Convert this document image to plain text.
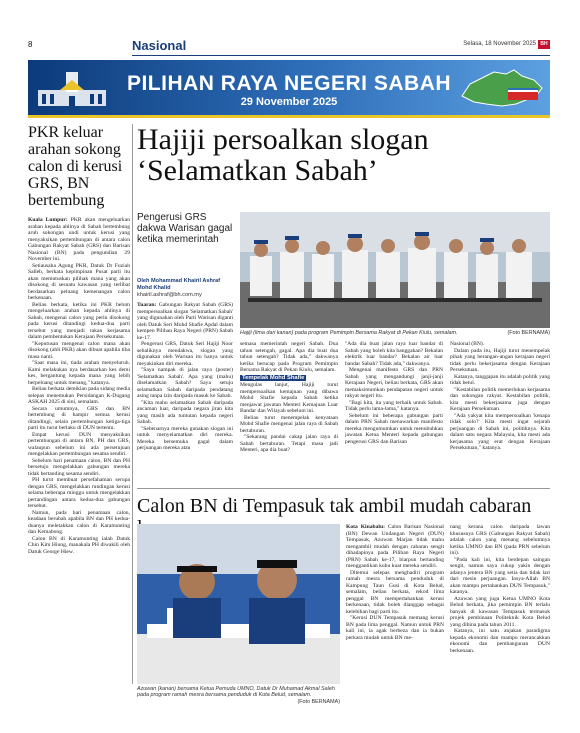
8	Nasional	Selasa, 18 November 2025 BH
PILIHAN RAYA NEGERI SABAH
29 November 2025
PKR keluar arahan sokong calon di kerusi GRS, BN bertembung

Kuala Lumpur: PKR akan mengeluarkan arahan kepada ahlinya di Sabah bertembung aruh sokongan undi untuk kerusi yang menyaksikan pertembungan di antara calon Gabungan Rakyat Sabah (GRS) dan Barisan Nasional (BN) pada pengundian 29 November ini.

Setiausaha Agung PKR, Datuk Dr Fuziah Salleh, berkata kepimpinan Pusat parti itu akan memutuskan pilihak mana yang akan disokong di sesuatu kawasan yang terlibat berdasarkan peluang kemenangan calon berkenaan.

Beliau berkata, ketika ini PKR belum mengeluarkan arahan kepada ahlinya di Sabah, mengenai calon yang perlu disokong pada kerusi ditandingi kedua-dua parti tersebut yang menjadi rakan kerjasama dalam pembentukan Kerajaan Persekutuan.

"Keputusan mengenai calon mana akan disokong (ahli PKR) akan dibuat apabila tiba masa nanti.

"Saat masa ini, tiada arahan menyeluruh. Kami melakukan nya berdasarkan kes demi kes, bergantung kepada mana yang lebih berpeluang untuk menang," katanya.

Beliau berkata demikian pada sidang media selepas menemukan Persidangan K-Dugang ASKAH 2025 di sini, semalam.

Secara umumnya, GRS dan BN bertembung di hampir semua kerusi ditandingi, selain pertembungan ketiga-tiga parti itu turut berlaku di DUN tertentu.

Empat kerusi DUN menyaksikan pertembungan di antara BN, PH dan GRS, walaupun sebelum ini ada persetujuan mengelakkan pertembungan sesama sendiri.

Sebelum hari penamaan calon, BN dan PH bersetuju mengelakkan gabungan mereka tidak bertanding sesama sendiri.

PH turut membuat persefahaman serupa dengan GRS, mengelakkan rundingan kerusi selama beberapa minggu untuk mengelakkan pertandingan antara kedua-dua gabungan tersebut.

Namun, pada hari penamaan calon, keadaan berubah apabila BN dan PH kedua-duanya meletakkan calon di Karamunting dan Kemabong.

Calon BN di Karamunting ialah Datuk Chin Kim Hiung, manakala PH diwakili oleh Datuk George Hiew.

Hajiji persoalkan slogan ‘Selamatkan Sabah’
Pengerusi GRS dakwa Warisan gagal ketika memerintah
Oleh Mohammad Khairil Ashraf Mohd Khalid
khairil.ashraf@bh.com.my

Tuaran: Gabungan Rakyat Sabah (GRS) mempersoalkan slogan 'Selamatkan Sabah' yang digunakan oleh Parti Warisan diganti oleh Datuk Seri Mohd Shafie Apdal dalam kempen Pilihan Raya Negeri (PRN) Sabah ke-17.

Pengerusi GRS, Datuk Seri Hajiji Noor sebaliknya mendakwa, slogan yang digunakan oleh Warisan itu hanya untuk meyakinkan diri mereka.

"Saya nampak di jalan raya (poster) 'Selamatkan Sabah'. Apa yang (mahu) diselamatkan Sabah? Saya setuju selamatkan Sabah daripada pendatang asing tanpa izin daripada masuk ke Sabah.

"Kita mahu selamatkan Sabah daripada ancaman luar, daripada negara jiran kita yang masih ada tuntutan kepada negeri Sabah.

"Sebenarnya mereka gunakan slogan ini untuk menyelamatkan diri mereka. Mereka bersemuka gagal dalam perjuangan mereka atau

Hajiji (lima dari kanan) pada program Pemimpin Bersama Rakyat di Pekan Kiulu, semalam.	(Foto BERNAMA)

semasa memerintah negeri Sabah. Dua tahun setengah, gagal. Apa dia buat dua tahun setengah? Tidak ada," dakwanya ketika berucap pada Program Pemimpin Bersama Rakyat di Pekan Kiulu, semalam.

Tempelak Mohd Shafie

Mengulas lanjut, Hajiji turut mempersoalkan kemajuan yang dibawa Mohd Shafie kepada Sabah ketika menjawat jawatan Menteri Kemajuan Luar Bandar dan Wilayah sebelum ini.

Beliau turut menempelak kenyataan Mohd Shafie mengenai jalan raya di Sabah bertaburan.

"Sekarang pandai cakap jalan raya di Sabah bertaburan. Tetapi masa jadi Menteri, apa dia buat?

"Ada dia buat jalan raya luar bandar di Sabah yang boleh kita banggakan? Bekalan elektrik luar bandar? Bekalan air luar bandar Sabah? Tidak ada," dakwanya.

Mengenai manifesto GRS dan PRN Sabah yang mengandungi janji-janji Kerajaan Negeri, beliau berkata, GRS akan memaksimumkan pendapatan negeri untuk rakyat negeri itu.

"Bagi kita, ita yang terbaik untuk Sabah. Tidak perlu lama-lama," katanya.

Sebelum ini beberapa gabungan parti dalam PRN Sabah menawarkan manifesto mereka mengumumkan untuk menubuhkan jawatan Ketua Menteri kepada gabungan pengerusi GRS dan Barisan

Nasional (BN).

Dalam pada itu, Hajiji turut menempelak pihak yang berangan-angan kerajaan negeri tidak perlu bekerjasama dengan Kerajaan Persekutuan.

Katanya, tanggapan itu adalah politik yang tidak betul.

"Kestabilan politik memerlukan kerjasama dan sokongan rakyat. Kestabilan politik, kita mesti bekerjasama juga dengan Kerajaan Persekutuan.

"Ada yakyat kita mempersoalkan 'kenapa tidak solo?' Kita mesti ingat sejarah perjuangan di Sabah ini, politiknya. Kita dalam satu negara Malaysia, kita mesti ada kerjasama yang erat dengan Kerajaan Persekutuan," katanya.

Calon BN di Tempasuk tak ambil mudah cabaran
Azuwan (kanan) bersama Ketua Pemuda UMNO, Datuk Dr Muhamad Akmal Saleh pada program ramah mesra bersama penduduk di Kota Belud, semalam.
(Foto BERNAMA)

Kota Kinabalu: Calon Barisan Nasional (BN) Dewan Undangan Negeri (DUN) Tempasuk, Azuwan Marjan tidak mahu mengambil mudah dengan cabaran sengit dihadapinya pada Pilihan Raya Negeri (PRN) Sabah ke-17, biarpun bertanding menggantikan kubu kuat mereka sendiri.

Ditemui selepas menghadiri program ramah mesra bersama penduduk di Kampung Taun Gusi di Kota Belud, semalam, beliau berkata, rekod lima penggal BN mempertahankan kerusi berkenaan, tidak boleh dianggap sebagai kelebihan bagi parti itu.

"Kerusi DUN Tempasuk memang kerusi BN pada lima penggal. Namun untuk PRN kali ini, ia agak berbeza dan ia bukan perkara mudah untuk BN me-

nang kerana calon daripada lawan khususnya GRS (Gabungan Rakyat Sabah) adalah calon yang menang sebelumnya ketika UMNO dan BN (pada PRN sebelum ini).

"Pada kali ini, kita berdepan saingan sengit, namun saya cukup yakin dengan adanya jentera BN yang setia dan tidak lari dari mesin perjuangan. Insya-Allah BN akan mampu pertahankan DUN Tempasuk," katanya.

Azuwan yang juga Ketua UMNO Kota Belud berkata, jika pemimpin BN terlalu banyak di kawasan Tempasuk termasuk projek pembinaan Politeknik Kota Belud yang dibina pada tahun 2011.

Katanya, ini satu anjakan paradigma kepada ekonomi dan mampu merancakkan ekonomi dan pembangunan DUN berkenaan.
